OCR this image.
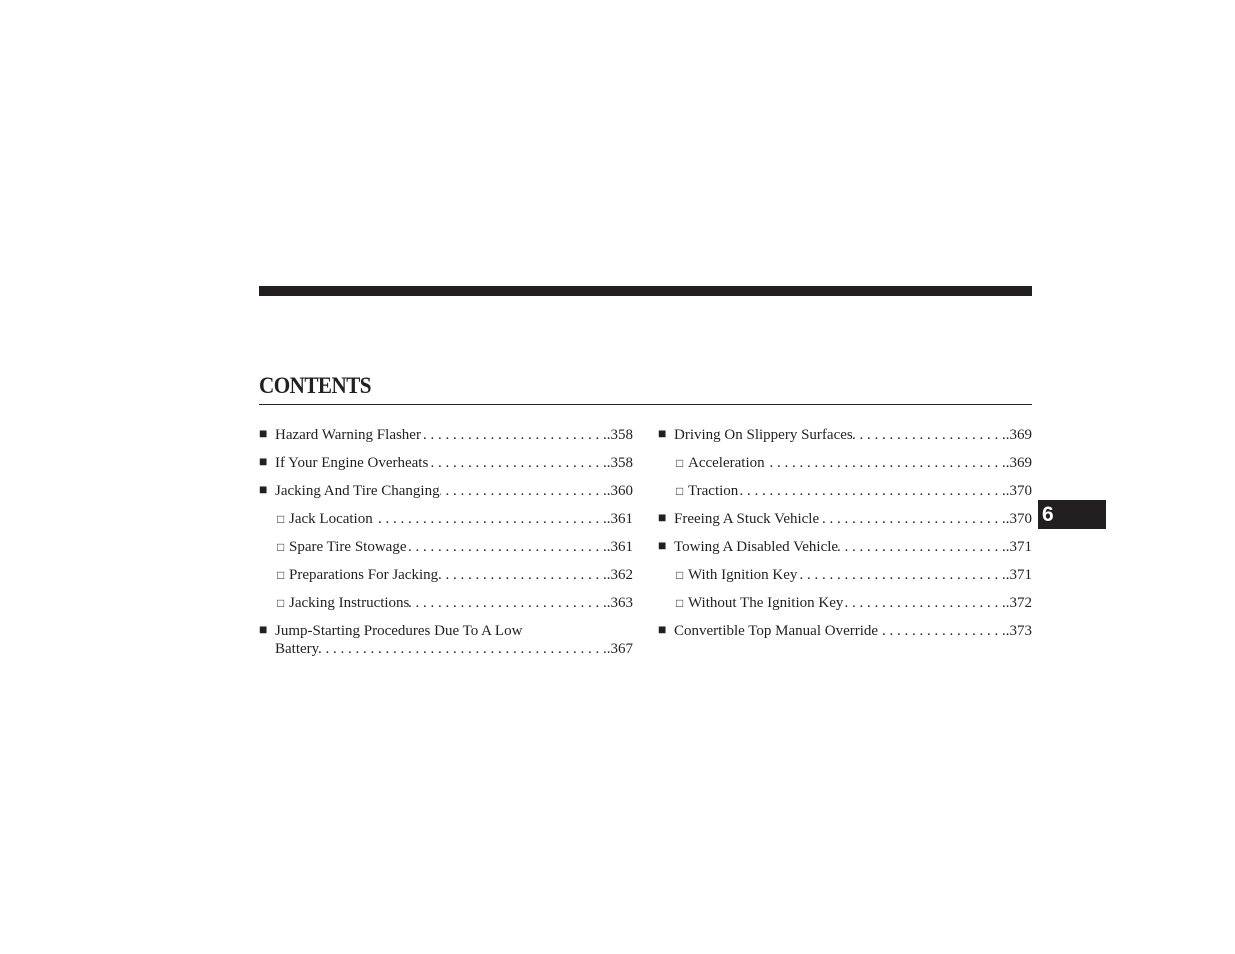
CONTENTS
■ Hazard Warning Flasher . . .	.358
■ If Your Engine Overheats . . .	.358
■ Jacking And Tire Changing . . .	.360
□ Jack Location . . .	.361
□ Spare Tire Stowage . . .	.361
□ Preparations For Jacking . . .	.362
□ Jacking Instructions . . .	.363
■ Jump-Starting Procedures Due To A Low
Battery . . .	.367
■ Driving On Slippery Surfaces . . .	.369
□ Acceleration . . .	.369
□ Traction . . .	.370
■ Freeing A Stuck Vehicle . . .	.370
■ Towing A Disabled Vehicle . . .	.371
□ With Ignition Key . . .	.371
□ Without The Ignition Key . . .	.372
■ Convertible Top Manual Override . . .	.373
6
